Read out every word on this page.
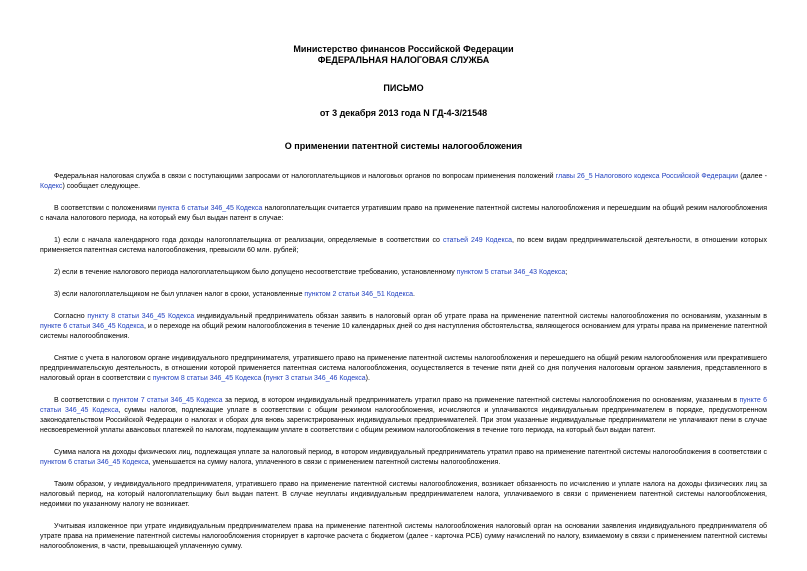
Министерство финансов Российской Федерации
ФЕДЕРАЛЬНАЯ НАЛОГОВАЯ СЛУЖБА
ПИСЬМО
от 3 декабря 2013 года N ГД-4-3/21548
О применении патентной системы налогообложения

Федеральная налоговая служба в связи с поступающими запросами от налогоплательщиков и налоговых органов по вопросам применения положений главы 26_5 Налогового кодекса Российской Федерации (далее - Кодекс) сообщает следующее.

В соответствии с положениями пункта 6 статьи 346_45 Кодекса налогоплательщик считается утратившим право на применение патентной системы налогообложения и перешедшим на общий режим налогообложения с начала налогового периода, на который ему был выдан патент в случае:

1) если с начала календарного года доходы налогоплательщика от реализации, определяемые в соответствии со статьей 249 Кодекса, по всем видам предпринимательской деятельности, в отношении которых применяется патентная система налогообложения, превысили 60 млн. рублей;

2) если в течение налогового периода налогоплательщиком было допущено несоответствие требованию, установленному пунктом 5 статьи 346_43 Кодекса;

3) если налогоплательщиком не был уплачен налог в сроки, установленные пунктом 2 статьи 346_51 Кодекса.

Согласно пункту 8 статьи 346_45 Кодекса индивидуальный предприниматель обязан заявить в налоговый орган об утрате права на применение патентной системы налогообложения по основаниям, указанным в пункте 6 статьи 346_45 Кодекса, и о переходе на общий режим налогообложения в течение 10 календарных дней со дня наступления обстоятельства, являющегося основанием для утраты права на применение патентной системы налогообложения.

Снятие с учета в налоговом органе индивидуального предпринимателя, утратившего право на применение патентной системы налогообложения и перешедшего на общий режим налогообложения или прекратившего предпринимательскую деятельность, в отношении которой применяется патентная система налогообложения, осуществляется в течение пяти дней со дня получения налоговым органом заявления, представленного в налоговый орган в соответствии с пунктом 8 статьи 346_45 Кодекса (пункт 3 статьи 346_46 Кодекса).

В соответствии с пунктом 7 статьи 346_45 Кодекса за период, в котором индивидуальный предприниматель утратил право на применение патентной системы налогообложения по основаниям, указанным в пункте 6 статьи 346_45 Кодекса, суммы налогов, подлежащие уплате в соответствии с общим режимом налогообложения, исчисляются и уплачиваются индивидуальным предпринимателем в порядке, предусмотренном законодательством Российской Федерации о налогах и сборах для вновь зарегистрированных индивидуальных предпринимателей. При этом указанные индивидуальные предприниматели не уплачивают пени в случае несвоевременной уплаты авансовых платежей по налогам, подлежащим уплате в соответствии с общим режимом налогообложения в течение того периода, на который был выдан патент.

Сумма налога на доходы физических лиц, подлежащая уплате за налоговый период, в котором индивидуальный предприниматель утратил право на применение патентной системы налогообложения в соответствии с пунктом 6 статьи 346_45 Кодекса, уменьшается на сумму налога, уплаченного в связи с применением патентной системы налогообложения.

Таким образом, у индивидуального предпринимателя, утратившего право на применение патентной системы налогообложения, возникает обязанность по исчислению и уплате налога на доходы физических лиц за налоговый период, на который налогоплательщику был выдан патент. В случае неуплаты индивидуальным предпринимателем налога, уплачиваемого в связи с применением патентной системы налогообложения, недоимки по указанному налогу не возникает.

Учитывая изложенное при утрате индивидуальным предпринимателем права на применение патентной системы налогообложения налоговый орган на основании заявления индивидуального предпринимателя об утрате права на применение патентной системы налогообложения сторнирует в карточке расчета с бюджетом (далее - карточка РСБ) сумму начислений по налогу, взимаемому в связи с применением патентной системы налогообложения, в части, превышающей уплаченную сумму.
